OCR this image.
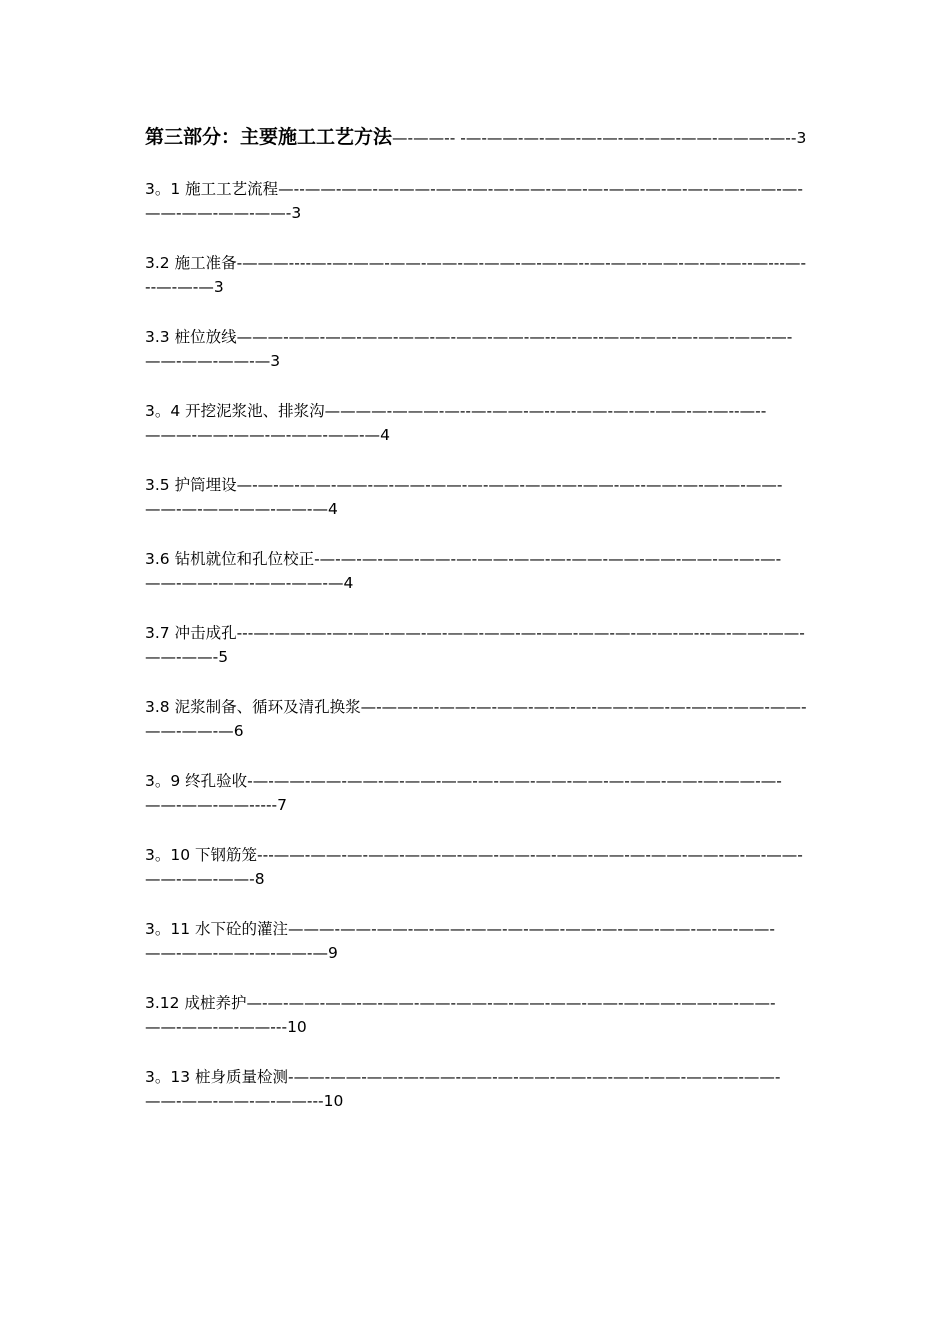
第三部分：主要施工工艺方法—-——-- -—-——-—-——-—-—-—-——-——-———-—--3
3。1 施工工艺流程—--——-——-—-——-——-—-—-——-——-—-——-—-—-—-——-——-—-——-——-——-——-3
3.2 施工准备-———----—-—-——-——-——-—-——-—-—-—--—-——-——-—-—-—--—---—---—-—-—3
3.3 桩位放线———-——-——-——-——-—-——-——-—--—-—--——-——-—-——-——-—-——-——-——-—3
3。4 开挖泥浆池、排浆沟————-———-—--—-——-—--—-——-—-—-——-—-—--—--———-——-——-—-——-——-—4
3.5 护筒埋设—-—-—-——-——-—-——-——-—-——-——-—-——-—--——-—-—-—-——-——-—-——-——-——-—4
3.6 钻机就位和孔位校正-—-—-—-——-——-—-——-——-—-——-——-——-——-—-—-—-——-——-——-——-——-—4
3.7 冲击成孔---—-——-—-—-——-——-—-——-——-—-——-——-—-—-—-—---—-——-——-——-——-5
3.8 泥浆制备、循环及清孔换浆—-——-—-——-—-——-—-—-—-——-——-—-—-—-——-——-——-——-—6
3。9 终孔验收-—-——-——-——-—-——-——-—-——-——-——-—-——-——-—-——-—-——-——-——-----7
3。10 下钢筋笼---——-——-—-——-——-—-——-——-—-——-——-—-——-——-—-—-——-——-——-——-8
3。11 水下砼的灌注———-——-——-—-——-——-—-——-——-—-——-——-—-—-——-——-——-——-—-——-—9
3.12 成桩养护—-—-——-——-—-——-——-——-—-——-——-——-—-——-——-—-——-——-——-—-——---10
3。13 桩身质量检测-——-——-——-—-——-——-—-——-——-—-——-——-——-—-——-——-——-——-—-——---10
